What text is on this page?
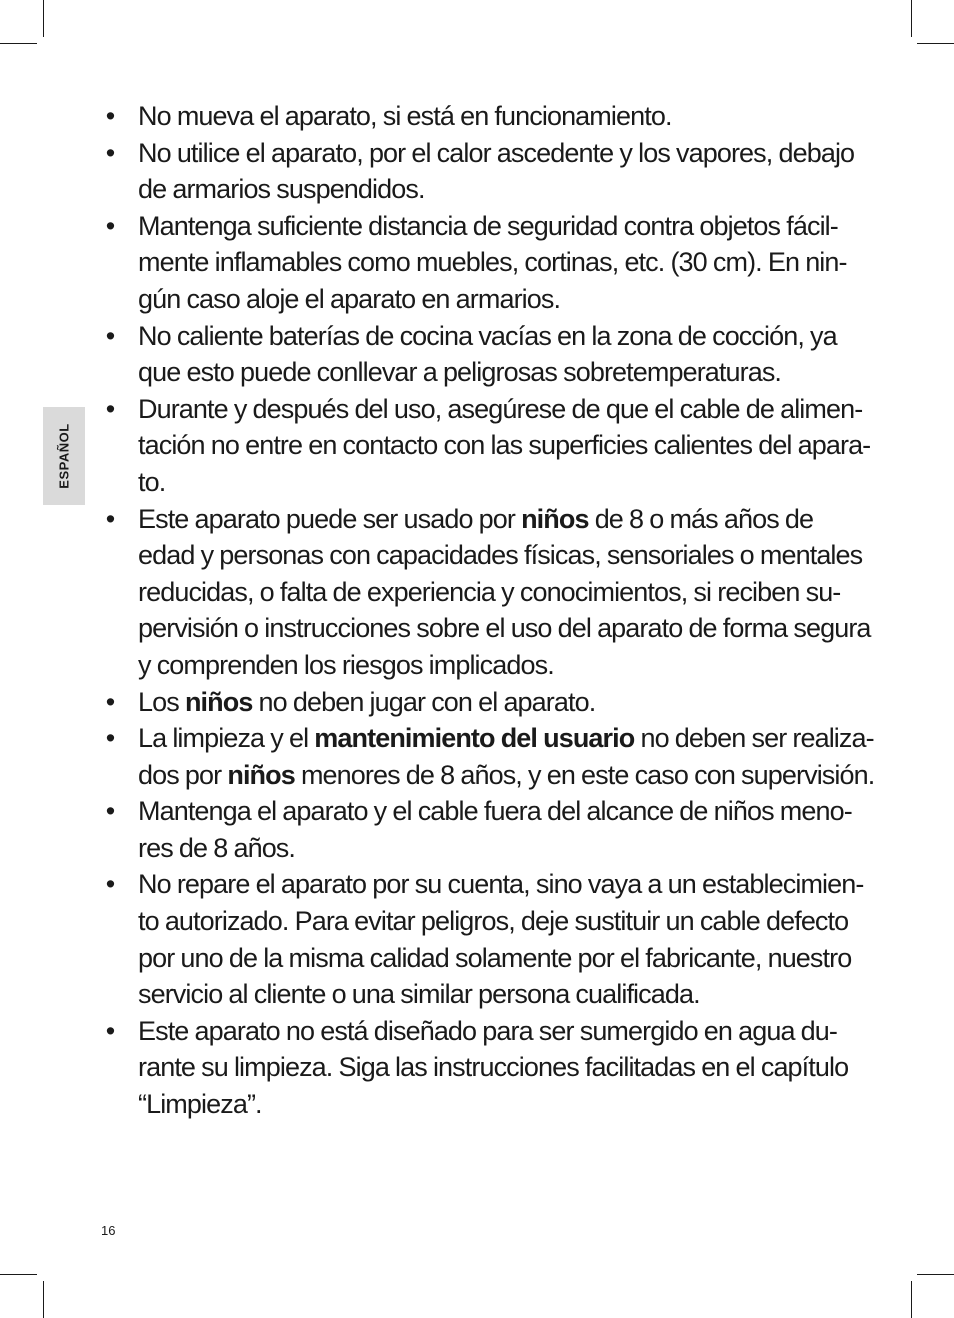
ESPAÑOL
• No mueva el aparato, si está en funcionamiento.
• No utilice el aparato, por el calor ascedente y los vapores, debajo
de armarios suspendidos.
• Mantenga suficiente distancia de seguridad contra objetos fácil-
mente inflamables como muebles, cortinas, etc. (30 cm). En nin-
gún caso aloje el aparato en armarios.
• No caliente baterías de cocina vacías en la zona de cocción, ya
que esto puede conllevar a peligrosas sobretemperaturas.
• Durante y después del uso, asegúrese de que el cable de alimen-
tación no entre en contacto con las superficies calientes del apara-
to.
• Este aparato puede ser usado por niños de 8 o más años de
edad y personas con capacidades físicas, sensoriales o mentales
reducidas, o falta de experiencia y conocimientos, si reciben su-
pervisión o instrucciones sobre el uso del aparato de forma segura
y comprenden los riesgos implicados.
• Los niños no deben jugar con el aparato.
• La limpieza y el mantenimiento del usuario no deben ser realiza-
dos por niños menores de 8 años, y en este caso con supervisión.
• Mantenga el aparato y el cable fuera del alcance de niños meno-
res de 8 años.
• No repare el aparato por su cuenta, sino vaya a un establecimien-
to autorizado. Para evitar peligros, deje sustituir un cable defecto
por uno de la misma calidad solamente por el fabricante, nuestro
servicio al cliente o una similar persona cualificada.
• Este aparato no está diseñado para ser sumergido en agua du-
rante su limpieza. Siga las instrucciones facilitadas en el capítulo
“Limpieza”.
16
